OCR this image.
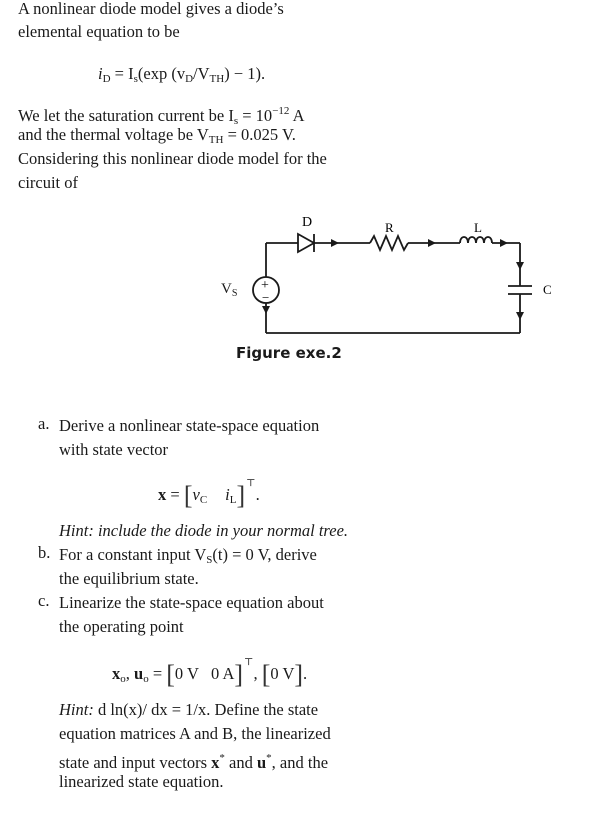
A nonlinear diode model gives a diode’s
elemental equation to be
$i_D = I_s(\exp$ $(v_D/V_{TH}) - 1$).
We let the saturation current be $I_s = 10^{-12}$ A
and the thermal voltage be $V_{TH} = 0.025$ V.
Considering this nonlinear diode model for the
circuit of
+
−
D	R	L
C
$V_S$
Figure exe.2
a. Derive a nonlinear state-space equation
with state vector
$x = [v_C$ $i_L]^⊤$.
Hint: include the diode in your normal tree.
b. For a constant input $V_S(t) = 0$ V, derive
the equilibrium state.
c. Linearize the state-space equation about
the operating point
$x_o$, $u_o = [0$ V   0 A]⊤, [0 V].
Hint: d ln(x)/ dx = 1/x. Define the state
equation matrices A and B, the linearized
state and input vectors x* and u*, and the
linearized state equation.
